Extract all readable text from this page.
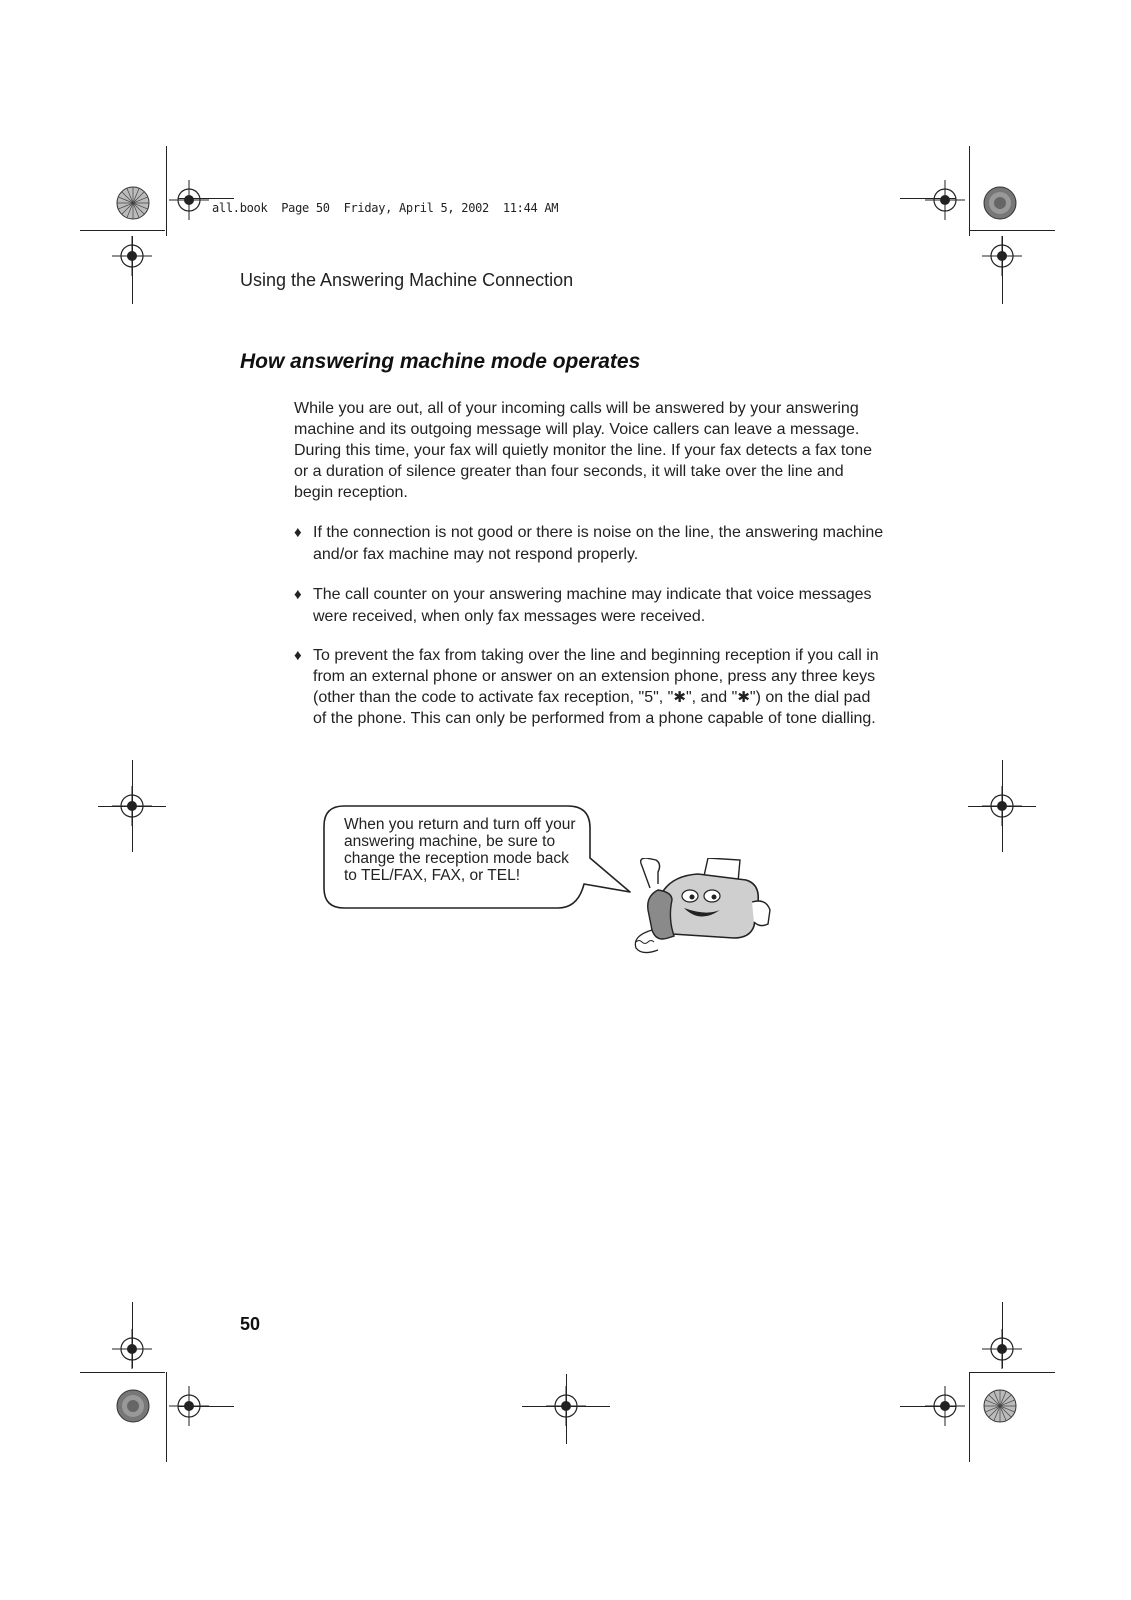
all.book  Page 50  Friday, April 5, 2002  11:44 AM
Using the Answering Machine Connection
How answering machine mode operates
While you are out, all of your incoming calls will be answered by your answering machine and its outgoing message will play. Voice callers can leave a message. During this time, your fax will quietly monitor the line. If your fax detects a fax tone or a duration of silence greater than four seconds, it will take over the line and begin reception.
♦ If the connection is not good or there is noise on the line, the answering machine and/or fax machine may not respond properly.
♦ The call counter on your answering machine may indicate that voice messages were received, when only fax messages were received.
♦ To prevent the fax from taking over the line and beginning reception if you call in from an external phone or answer on an extension phone, press any three keys (other than the code to activate fax reception, "5", "✱", and "✱") on the dial pad of the phone. This can only be performed from a phone capable of tone dialling.
When you return and turn off your answering machine, be sure to change the reception mode back to TEL/FAX, FAX, or TEL!
50
